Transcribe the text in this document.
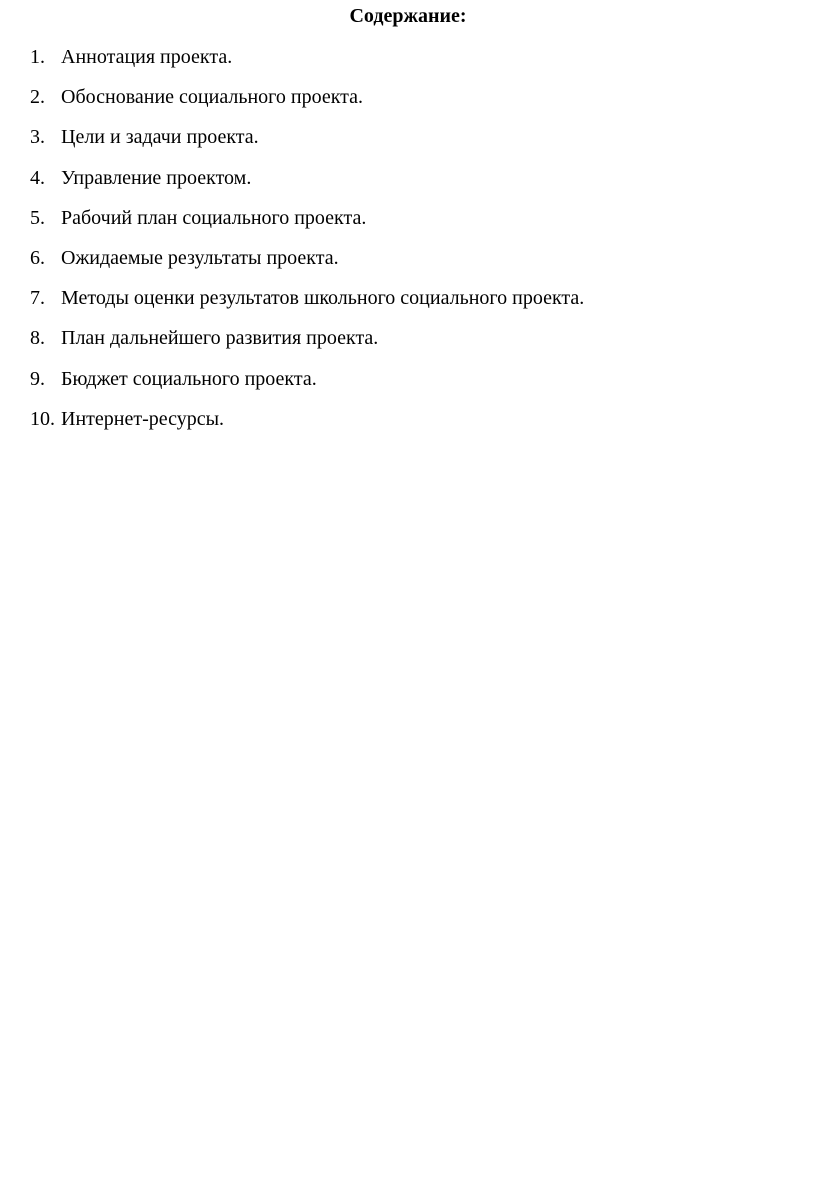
Содержание:
1. Аннотация проекта.
2. Обоснование социального проекта.
3. Цели и задачи проекта.
4. Управление проектом.
5. Рабочий план социального проекта.
6. Ожидаемые результаты проекта.
7. Методы оценки результатов школьного социального проекта.
8. План дальнейшего развития проекта.
9. Бюджет социального проекта.
10. Интернет-ресурсы.
